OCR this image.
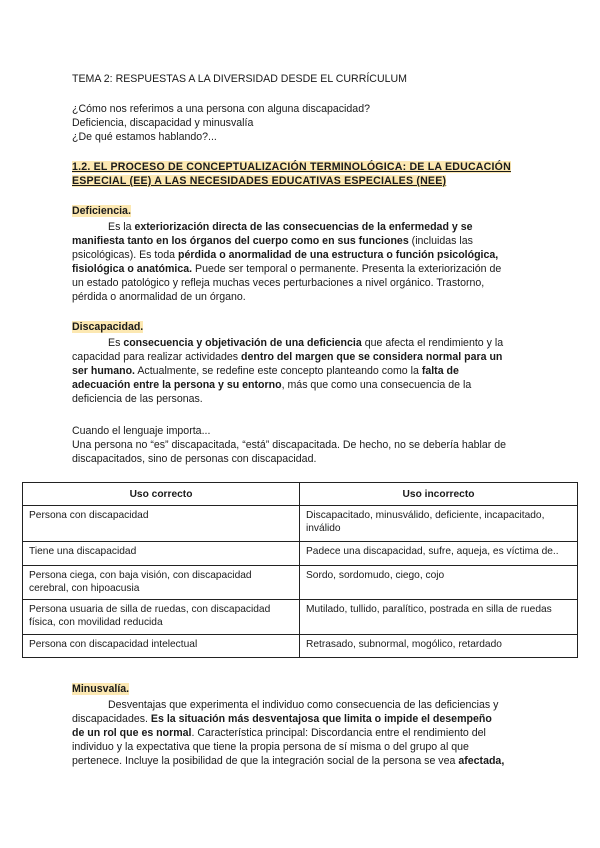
TEMA 2: RESPUESTAS A LA DIVERSIDAD DESDE EL CURRÍCULUM
¿Cómo nos referimos a una persona con alguna discapacidad?
Deficiencia, discapacidad y minusvalía
¿De qué estamos hablando?...
1.2. EL PROCESO DE CONCEPTUALIZACIÓN TERMINOLÓGICA: DE LA EDUCACIÓN
ESPECIAL (EE) A LAS NECESIDADES EDUCATIVAS ESPECIALES (NEE)
Deficiencia.
Es la exteriorización directa de las consecuencias de la enfermedad y se
manifiesta tanto en los órganos del cuerpo como en sus funciones (incluidas las
psicológicas). Es toda pérdida o anormalidad de una estructura o función psicológica,
fisiológica o anatómica. Puede ser temporal o permanente. Presenta la exteriorización de
un estado patológico y refleja muchas veces perturbaciones a nivel orgánico. Trastorno,
pérdida o anormalidad de un órgano.
Discapacidad.
Es consecuencia y objetivación de una deficiencia que afecta el rendimiento y la
capacidad para realizar actividades dentro del margen que se considera normal para un
ser humano. Actualmente, se redefine este concepto planteando como la falta de
adecuación entre la persona y su entorno, más que como una consecuencia de la
deficiencia de las personas.
Cuando el lenguaje importa...
Una persona no “es” discapacitada, “está” discapacitada. De hecho, no se debería hablar de
discapacitados, sino de personas con discapacidad.
Uso correcto	Uso incorrecto
Persona con discapacidad	Discapacitado, minusválido, deficiente, incapacitado, inválido
Tiene una discapacidad	Padece una discapacidad, sufre, aqueja, es víctima de..
Persona ciega, con baja visión, con discapacidad cerebral, con hipoacusia	Sordo, sordomudo, ciego, cojo
Persona usuaria de silla de ruedas, con discapacidad física, con movilidad reducida	Mutilado, tullido, paralítico, postrada en silla de ruedas
Persona con discapacidad intelectual	Retrasado, subnormal, mogólico, retardado
Minusvalía.
Desventajas que experimenta el individuo como consecuencia de las deficiencias y
discapacidades. Es la situación más desventajosa que limita o impide el desempeño
de un rol que es normal. Característica principal: Discordancia entre el rendimiento del
individuo y la expectativa que tiene la propia persona de sí misma o del grupo al que
pertenece. Incluye la posibilidad de que la integración social de la persona se vea afectada,
